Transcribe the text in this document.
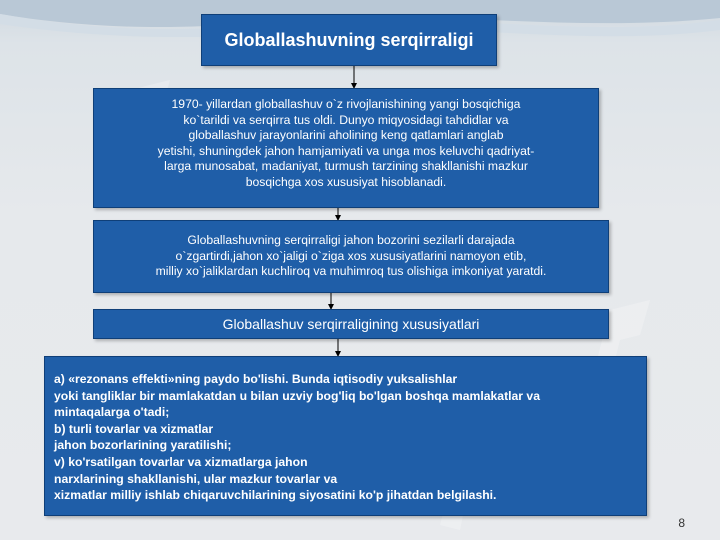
Globallashuvning serqirraligi
1970- yillardan globallashuv o`z rivojlanishining yangi bosqichiga
ko`tarildi va serqirra tus oldi. Dunyo miqyosidagi tahdidlar va
globallashuv jarayonlarini aholining keng qatlamlari anglab
yetishi, shuningdek jahon hamjamiyati va unga mos keluvchi qadriyat-
larga munosabat, madaniyat, turmush tarzining shakllanishi mazkur
bosqichga xos xususiyat hisoblanadi.
Globallashuvning serqirraligi jahon bozorini sezilarli darajada
o`zgartirdi,jahon xo`jaligi o`ziga xos xususiyatlarini namoyon etib,
milliy xo`jaliklardan kuchliroq va muhimroq tus olishiga imkoniyat yaratdi.
Globallashuv serqirraligining xususiyatlari
a) «rezonans effekti»ning paydo bo'lishi. Bunda iqtisodiy yuksalishlar
yoki tangliklar bir mamlakatdan u bilan uzviy bog'liq bo'lgan boshqa mamlakatlar va
mintaqalarga o'tadi;
b) turli tovarlar va xizmatlar
jahon bozorlarining yaratilishi;
v) ko'rsatilgan tovarlar va xizmatlarga jahon
narxlarining shakllanishi, ular mazkur tovarlar va
xizmatlar milliy ishlab chiqaruvchilarining siyosatini ko'p jihatdan belgilashi.
8
